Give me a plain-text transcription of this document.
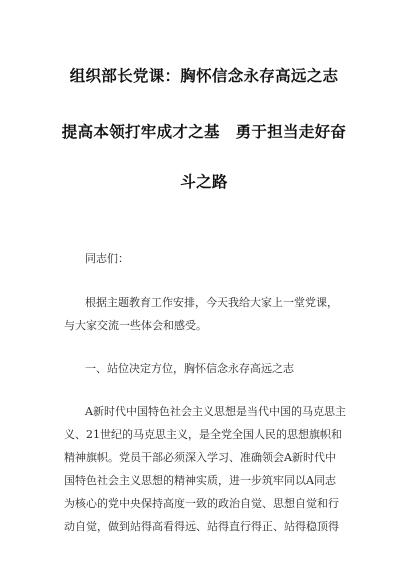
组织部长党课：胸怀信念永存高远之志
提高本领打牢成才之基　勇于担当走好奋
斗之路
同志们：
根据主题教育工作安排，今天我给大家上一堂党课，
与大家交流一些体会和感受。
一、站位决定方位，胸怀信念永存高远之志
A新时代中国特色社会主义思想是当代中国的马克思主
义、21世纪的马克思主义，是全党全国人民的思想旗帜和
精神旗帜。党员干部必须深入学习、准确领会A新时代中
国特色社会主义思想的精神实质，进一步筑牢同以A同志
为核心的党中央保持高度一致的政治自觉、思想自觉和行
动自觉，做到站得高看得远、站得直行得正、站得稳顶得
